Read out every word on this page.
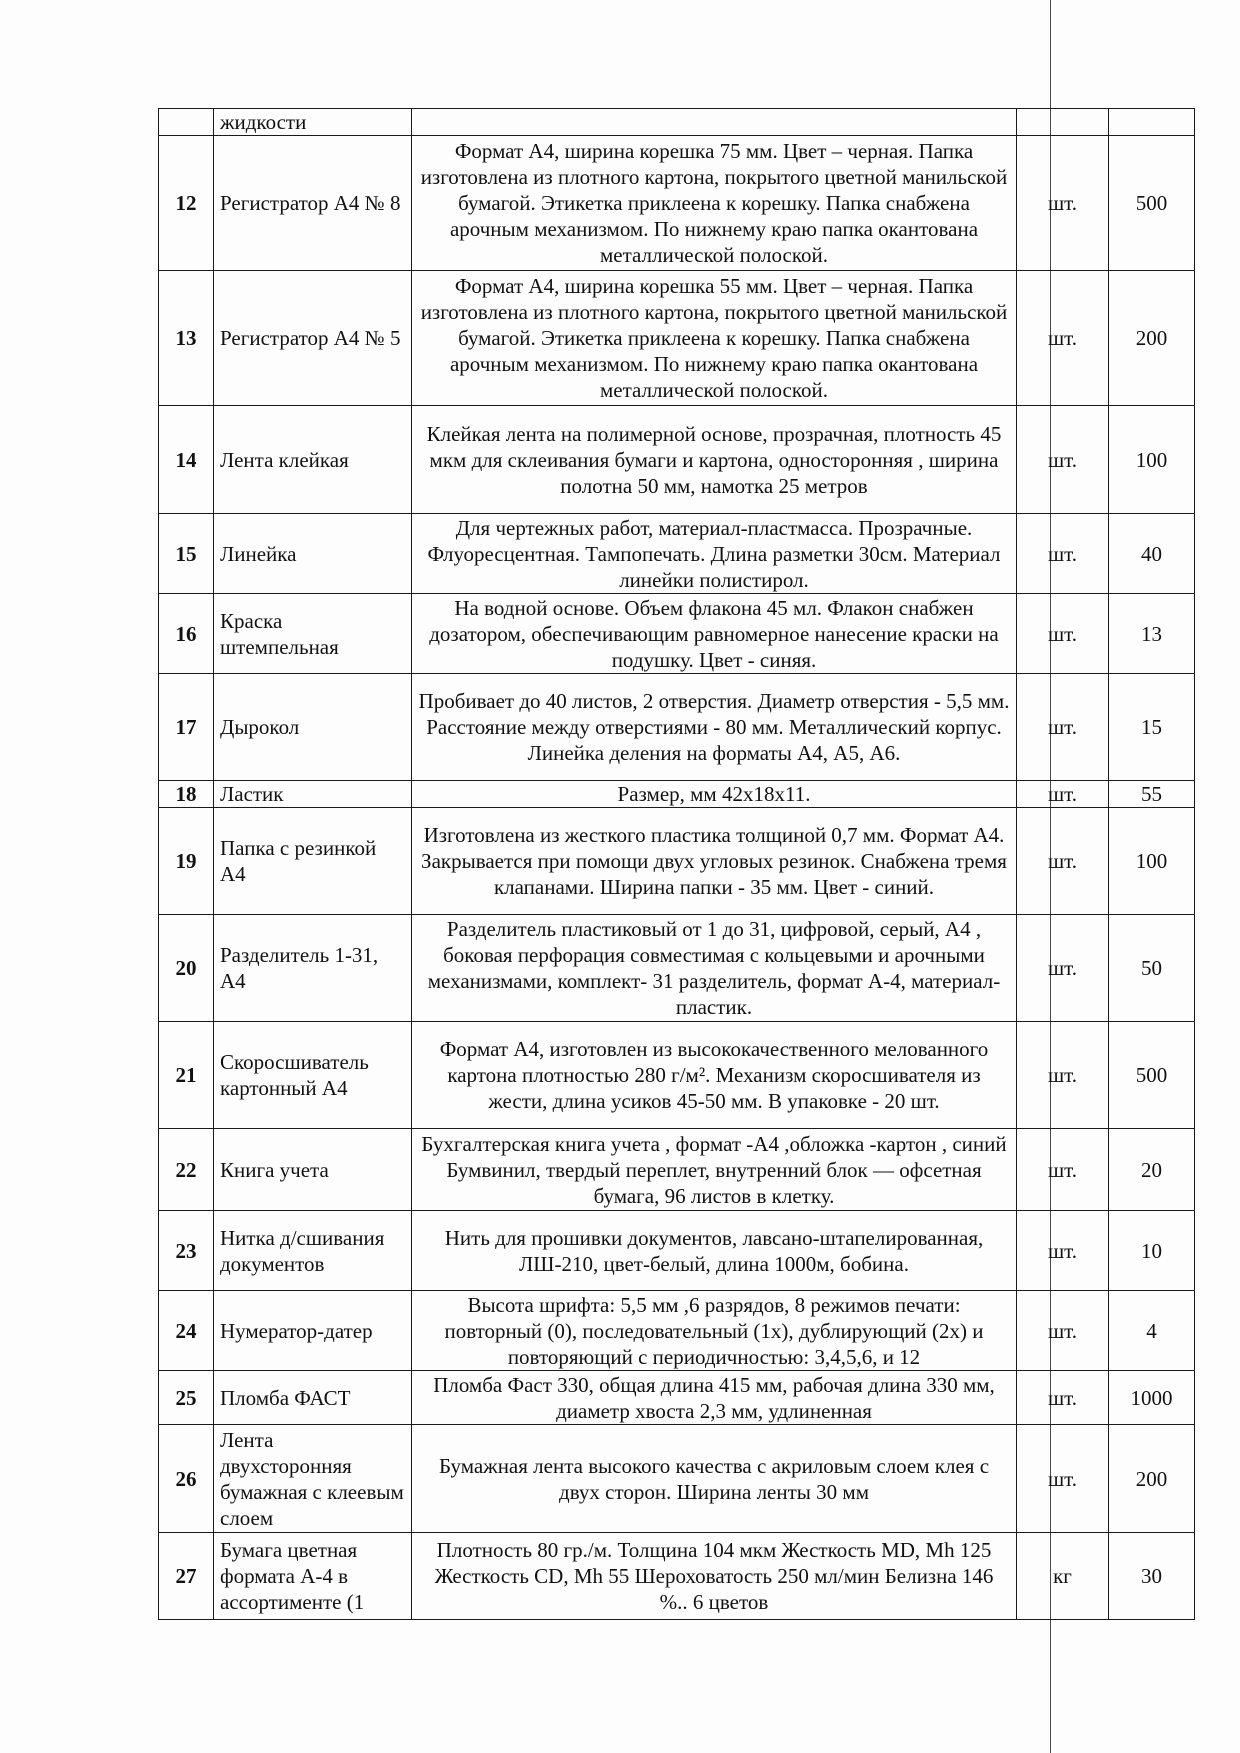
	жидкости			
12	Регистратор А4 № 8	Формат А4, ширина корешка 75 мм. Цвет – черная. Папка изготовлена из плотного картона, покрытого цветной манильской бумагой. Этикетка приклеена к корешку. Папка снабжена арочным механизмом. По нижнему краю папка окантована металлической полоской.	шт.	500
13	Регистратор А4 № 5	Формат А4, ширина корешка 55 мм. Цвет – черная. Папка изготовлена из плотного картона, покрытого цветной манильской бумагой. Этикетка приклеена к корешку. Папка снабжена арочным механизмом. По нижнему краю папка окантована металлической полоской.	шт.	200
14	Лента клейкая	Клейкая лента на полимерной основе, прозрачная, плотность 45 мкм для склеивания бумаги и картона, односторонняя , ширина полотна 50 мм, намотка 25 метров	шт.	100
15	Линейка	Для чертежных работ, материал-пластмасса. Прозрачные. Флуоресцентная. Тампопечать. Длина разметки 30см. Материал линейки полистирол.	шт.	40
16	Краска штемпельная	На водной основе. Объем флакона 45 мл. Флакон снабжен дозатором, обеспечивающим равномерное нанесение краски на подушку. Цвет - синяя.	шт.	13
17	Дырокол	Пробивает до 40 листов, 2 отверстия. Диаметр отверстия - 5,5 мм. Расстояние между отверстиями - 80 мм. Металлический корпус. Линейка деления на форматы А4, А5, А6.	шт.	15
18	Ластик	Размер, мм 42х18х11.	шт.	55
19	Папка с резинкой А4	Изготовлена из жесткого пластика толщиной 0,7 мм. Формат А4. Закрывается при помощи двух угловых резинок. Снабжена тремя клапанами. Ширина папки - 35 мм. Цвет - синий.	шт.	100
20	Разделитель 1-31, А4	Разделитель пластиковый от 1 до 31, цифровой, серый, А4 , боковая перфорация совместимая с кольцевыми и арочными механизмами, комплект- 31 разделитель, формат А-4, материал-пластик.	шт.	50
21	Скоросшиватель картонный А4	Формат А4, изготовлен из высококачественного мелованного картона плотностью 280 г/м². Механизм скоросшивателя из жести, длина усиков 45-50 мм. В упаковке - 20 шт.	шт.	500
22	Книга учета	Бухгалтерская книга учета , формат -А4 ,обложка -картон , синий Бумвинил, твердый переплет, внутренний блок — офсетная бумага, 96 листов в клетку.	шт.	20
23	Нитка д/сшивания документов	Нить для прошивки документов, лавсано-штапелированная, ЛШ-210, цвет-белый, длина 1000м, бобина.	шт.	10
24	Нумератор-датер	Высота шрифта: 5,5 мм ,6 разрядов, 8 режимов печати: повторный (0), последовательный (1х), дублирующий (2х) и повторяющий с периодичностью: 3,4,5,6, и 12	шт.	4
25	Пломба ФАСТ	Пломба Фаст 330, общая длина 415 мм, рабочая длина 330 мм, диаметр хвоста 2,3 мм, удлиненная	шт.	1000
26	Лента двухсторонняя бумажная с клеевым слоем	Бумажная лента высокого качества с акриловым слоем клея с двух сторон. Ширина ленты 30 мм	шт.	200
27	Бумага цветная формата А-4 в ассортименте (1	Плотность 80 гр./м. Толщина 104 мкм Жесткость MD, Mh 125 Жесткость CD, Mh 55 Шероховатость 250 мл/мин Белизна 146 %.. 6 цветов	кг	30
